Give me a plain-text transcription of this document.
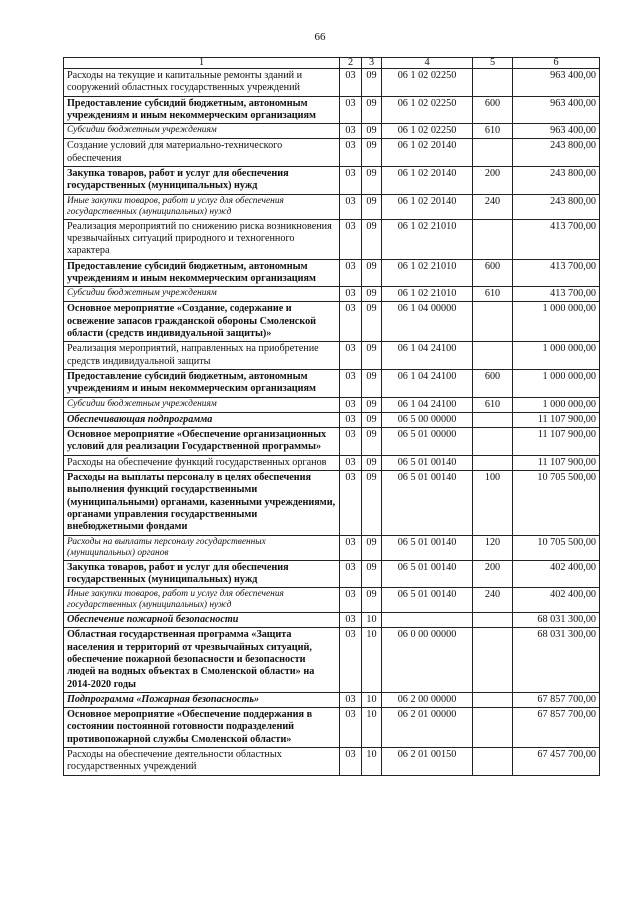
66
1	2	3	4	5	6
Расходы на текущие и капитальные ремонты зданий и сооружений областных государственных учреждений	03	09	06 1 02 02250		963 400,00
Предоставление субсидий бюджетным, автономным учреждениям и иным некоммерческим организациям	03	09	06 1 02 02250	600	963 400,00
Субсидии бюджетным учреждениям	03	09	06 1 02 02250	610	963 400,00
Создание условий для материально-технического обеспечения	03	09	06 1 02 20140		243 800,00
Закупка товаров, работ и услуг для обеспечения государственных (муниципальных) нужд	03	09	06 1 02 20140	200	243 800,00
Иные закупки товаров, работ и услуг для обеспечения государственных (муниципальных) нужд	03	09	06 1 02 20140	240	243 800,00
Реализация мероприятий по снижению риска возникновения чрезвычайных ситуаций природного и техногенного характера	03	09	06 1 02 21010		413 700,00
Предоставление субсидий бюджетным, автономным учреждениям и иным некоммерческим организациям	03	09	06 1 02 21010	600	413 700,00
Субсидии бюджетным учреждениям	03	09	06 1 02 21010	610	413 700,00
Основное мероприятие «Создание, содержание и освежение запасов гражданской обороны Смоленской области (средств индивидуальной защиты)»	03	09	06 1 04 00000		1 000 000,00
Реализация мероприятий, направленных на приобретение средств индивидуальной защиты	03	09	06 1 04 24100		1 000 000,00
Предоставление субсидий бюджетным, автономным учреждениям и иным некоммерческим организациям	03	09	06 1 04 24100	600	1 000 000,00
Субсидии бюджетным учреждениям	03	09	06 1 04 24100	610	1 000 000,00
Обеспечивающая подпрограмма	03	09	06 5 00 00000		11 107 900,00
Основное мероприятие «Обеспечение организационных условий для реализации Государственной программы»	03	09	06 5 01 00000		11 107 900,00
Расходы на обеспечение функций государственных органов	03	09	06 5 01 00140		11 107 900,00
Расходы на выплаты персоналу в целях обеспечения выполнения функций государственными (муниципальными) органами, казенными учреждениями, органами управления государственными внебюджетными фондами	03	09	06 5 01 00140	100	10 705 500,00
Расходы на выплаты персоналу государственных (муниципальных) органов	03	09	06 5 01 00140	120	10 705 500,00
Закупка товаров, работ и услуг для обеспечения государственных (муниципальных) нужд	03	09	06 5 01 00140	200	402 400,00
Иные закупки товаров, работ и услуг для обеспечения государственных (муниципальных) нужд	03	09	06 5 01 00140	240	402 400,00
Обеспечение пожарной безопасности	03	10			68 031 300,00
Областная государственная программа «Защита населения и территорий от чрезвычайных ситуаций, обеспечение пожарной безопасности и безопасности людей на водных объектах в Смоленской области» на 2014-2020 годы	03	10	06 0 00 00000		68 031 300,00
Подпрограмма «Пожарная безопасность»	03	10	06 2 00 00000		67 857 700,00
Основное мероприятие «Обеспечение поддержания в состоянии постоянной готовности подразделений противопожарной службы Смоленской области»	03	10	06 2 01 00000		67 857 700,00
Расходы на обеспечение деятельности областных государственных учреждений	03	10	06 2 01 00150		67 457 700,00
